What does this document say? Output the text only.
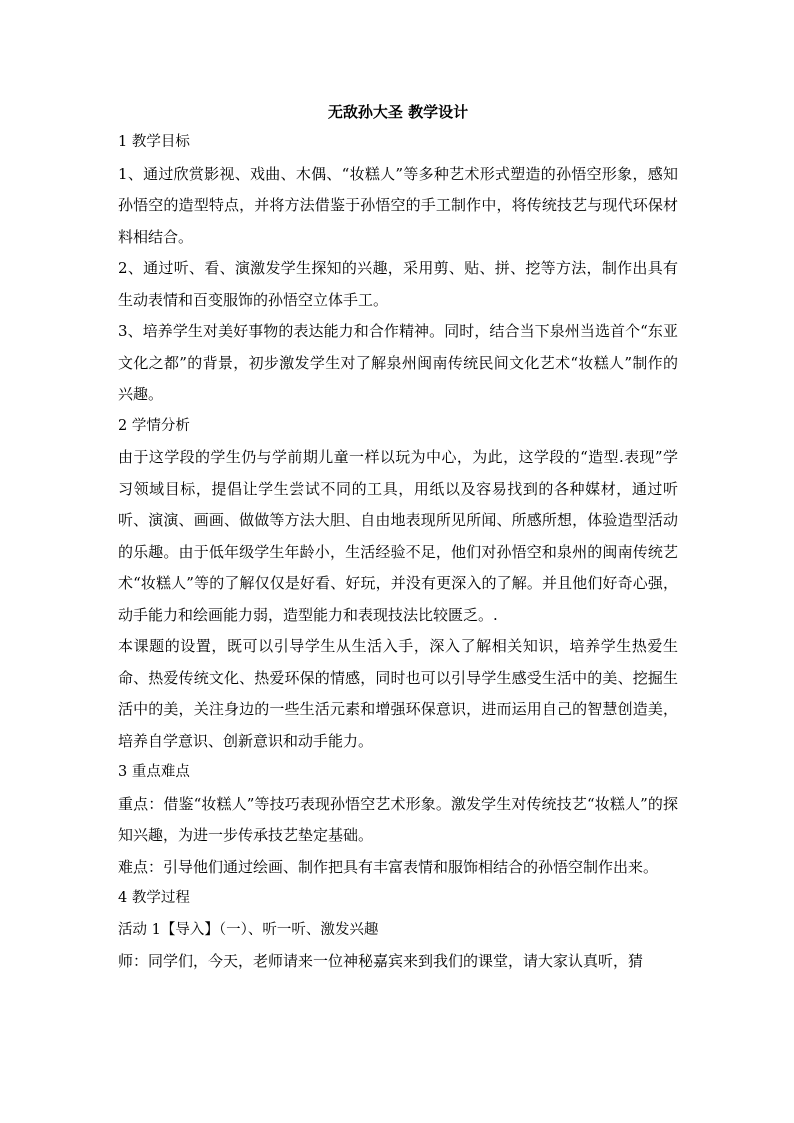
无敌孙大圣 教学设计
1 教学目标
1、通过欣赏影视、戏曲、木偶、“妆糕人”等多种艺术形式塑造的孙悟空形象，感知孙悟空的造型特点，并将方法借鉴于孙悟空的手工制作中，将传统技艺与现代环保材料相结合。
2、通过听、看、演激发学生探知的兴趣，采用剪、贴、拼、挖等方法，制作出具有生动表情和百变服饰的孙悟空立体手工。
3、培养学生对美好事物的表达能力和合作精神。同时，结合当下泉州当选首个“东亚文化之都”的背景，初步激发学生对了解泉州闽南传统民间文化艺术“妆糕人”制作的兴趣。
2 学情分析
由于这学段的学生仍与学前期儿童一样以玩为中心，为此，这学段的“造型.表现”学习领域目标，提倡让学生尝试不同的工具，用纸以及容易找到的各种媒材，通过听听、演演、画画、做做等方法大胆、自由地表现所见所闻、所感所想，体验造型活动的乐趣。由于低年级学生年龄小，生活经验不足，他们对孙悟空和泉州的闽南传统艺术“妆糕人”等的了解仅仅是好看、好玩，并没有更深入的了解。并且他们好奇心强，动手能力和绘画能力弱，造型能力和表现技法比较匮乏。.
本课题的设置，既可以引导学生从生活入手，深入了解相关知识，培养学生热爱生命、热爱传统文化、热爱环保的情感，同时也可以引导学生感受生活中的美、挖掘生活中的美，关注身边的一些生活元素和增强环保意识，进而运用自己的智慧创造美，培养自学意识、创新意识和动手能力。
3 重点难点
重点：借鉴“妆糕人”等技巧表现孙悟空艺术形象。激发学生对传统技艺“妆糕人”的探知兴趣，为进一步传承技艺垫定基础。
难点：引导他们通过绘画、制作把具有丰富表情和服饰相结合的孙悟空制作出来。
4 教学过程
活动 1【导入】（一）、听一听、激发兴趣
师：同学们，今天，老师请来一位神秘嘉宾来到我们的课堂，请大家认真听，猜
